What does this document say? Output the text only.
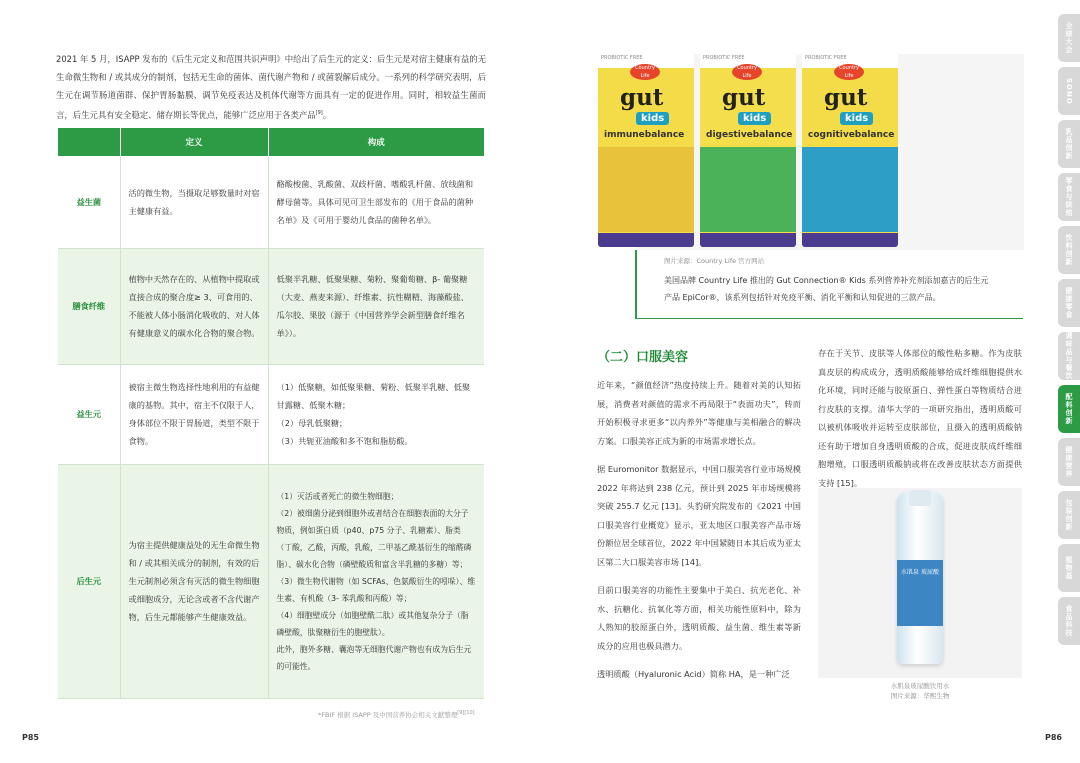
2021 年 5 月，ISAPP 发布的《后生元定义和范围共识声明》中给出了后生元的定义：后生元是对宿主健康有益的无生命微生物和 / 或其成分的制剂，包括无生命的菌体、菌代谢产物和 / 或菌裂解后成分。一系列的科学研究表明，后生元在调节肠道菌群、保护胃肠黏膜、调节免疫表达及机体代谢等方面具有一定的促进作用。同时，相较益生菌而言，后生元具有安全稳定、储存期长等优点，能够广泛应用于各类产品[9]。

	定义	构成
益生菌	活的微生物，当摄取足够数量时对宿主健康有益。	酪酸梭菌、乳酸菌、双歧杆菌、嗜酸乳杆菌、放线菌和酵母菌等。具体可见可卫生部发布的《用于食品的菌种名单》及《可用于婴幼儿食品的菌种名单》。
膳食纤维	植物中天然存在的、从植物中提取或直接合成的聚合度≥ 3、可食用的、不能被人体小肠消化吸收的、对人体有健康意义的碳水化合物的聚合物。	低聚半乳糖、低聚果糖、菊粉、聚葡萄糖、β- 葡聚糖（大麦、燕麦来源）、纤维素、抗性糊精、海藻酸盐、瓜尔胶、果胶（源于《中国营养学会新型膳食纤维名单》）。
益生元	被宿主微生物选择性地利用的有益健康的基物。其中，宿主不仅限于人，身体部位不限于胃肠道，类型不限于食物。	（1）低聚糖，如低聚果糖、菊粉、低聚半乳糖、低聚甘露糖、低聚木糖；
（2）母乳低聚糖；
（3）共轭亚油酸和多不饱和脂肪酸。
后生元	为宿主提供健康益处的无生命微生物和 / 或其相关成分的制剂，有效的后生元制剂必须含有灭活的微生物细胞或细胞成分，无论含或者不含代谢产物，后生元都能够产生健康效益。	（1）灭活或者死亡的微生物细胞；
（2）被细菌分泌到细胞外或者结合在细胞表面的大分子物质，例如蛋白质（p40、p75 分子、乳糖素）、脂类（丁酸，乙酸，丙酸，乳酸，二甲基乙酰基衍生的缩醛磷脂）、碳水化合物（磷壁酸质和富含半乳糖的多糖）等；
（3）微生物代谢物（如 SCFAs、色氨酸衍生的吲哚）、维生素、有机酸（3- 苯乳酸和丙酸）等；
（4）细胞壁成分（如胞壁酰二肽）或其他复杂分子（脂磷壁酸，肽聚糖衍生的胞壁肽）。
此外，胞外多糖、囊泡等无细胞代谢产物也有成为后生元的可能性。
*FBIF 根据 ISAPP 及中国营养协会相关文献整理[9][10]
P85
全球大会
SONO
乳品创新
零食与烘焙
饮料创新
健康零食
调味品与餐饮
配料创新
健康营养
包装创新
植物基
食品科技
P86
PROBIOTIC FREE
Country Life
gut
kids
immunebalance
PROBIOTIC FREE
Country Life
gut
kids
digestivebalance
PROBIOTIC FREE
Country Life
gut
kids
cognitivebalance
图片来源：Country Life 官方网站
美国品牌 Country Life 推出的 Gut Connection® Kids 系列营养补充剂添加嘉吉的后生元产品 EpiCor®，该系列包括针对免疫平衡、消化平衡和认知促进的三款产品。
（二）口服美容

近年来，“颜值经济”热度持续上升。随着对美的认知拓展，消费者对颜值的需求不再局限于“表面功夫”，转而开始积极寻求更多“以内养外”等健康与美相融合的解决方案。口服美容正成为新的市场需求增长点。

据 Euromonitor 数据显示，中国口服美容行业市场规模 2022 年将达到 238 亿元，预计到 2025 年市场规模将突破 255.7 亿元 [13]。头豹研究院发布的《2021 中国口服美容行业概览》显示，亚太地区口服美容产品市场份额位居全球首位，2022 年中国紧随日本其后成为亚太区第二大口服美容市场 [14]。

目前口服美容的功能性主要集中于美白、抗光老化、补水、抗糖化、抗氧化等方面，相关功能性原料中，除为人熟知的胶原蛋白外，透明质酸、益生菌、维生素等新成分的应用也极具潜力。

透明质酸（Hyaluronic Acid）简称 HA，是一种广泛

存在于关节、皮肤等人体部位的酸性粘多糖。作为皮肤真皮层的构成成分，透明质酸能够给成纤维细胞提供水化环境，同时还能与胶原蛋白、弹性蛋白等物质结合进行皮肤的支撑。清华大学的一项研究指出，透明质酸可以被机体吸收并运转至皮肤部位，且摄入的透明质酸钠还有助于增加自身透明质酸的合成，促进皮肤成纤维细胞增殖，口服透明质酸钠或将在改善皮肤状态方面提供支持 [15]。

水肌泉 玻尿酸
水肌泉玻尿酸饮用水
图片来源：华熙生物
